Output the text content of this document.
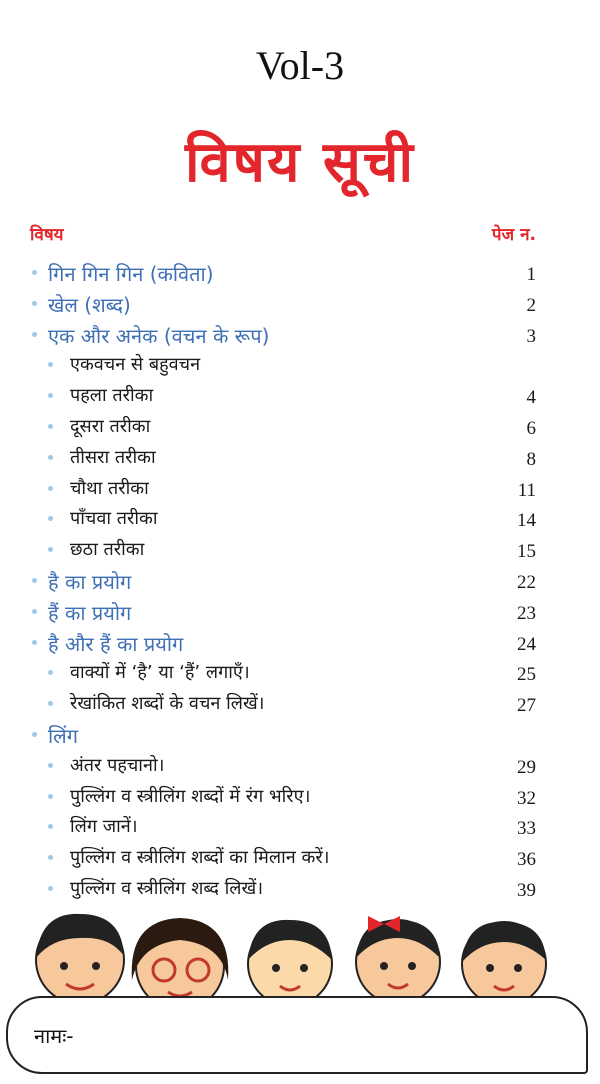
Vol-3
विषय सूची
विषय	पेज न.
गिन गिन गिन (कविता)	1
खेल (शब्द)	2
एक और अनेक (वचन के रूप)	3
एकवचन से बहुवचन
पहला तरीका	4
दूसरा तरीका	6
तीसरा तरीका	8
चौथा तरीका	11
पाँचवा तरीका	14
छठा तरीका	15
है का प्रयोग	22
हैं का प्रयोग	23
है और हैं का प्रयोग	24
वाक्यों में ‘है’ या ‘हैं’ लगाएँ।	25
रेखांकित शब्दों के वचन लिखें।	27
लिंग
अंतर पहचानो।	29
पुल्लिंग व स्त्रीलिंग शब्दों में रंग भरिए।	32
लिंग जानें।	33
पुल्लिंग व स्त्रीलिंग शब्दों का मिलान करें।	36
पुल्लिंग व स्त्रीलिंग शब्द लिखें।	39
नामः-
